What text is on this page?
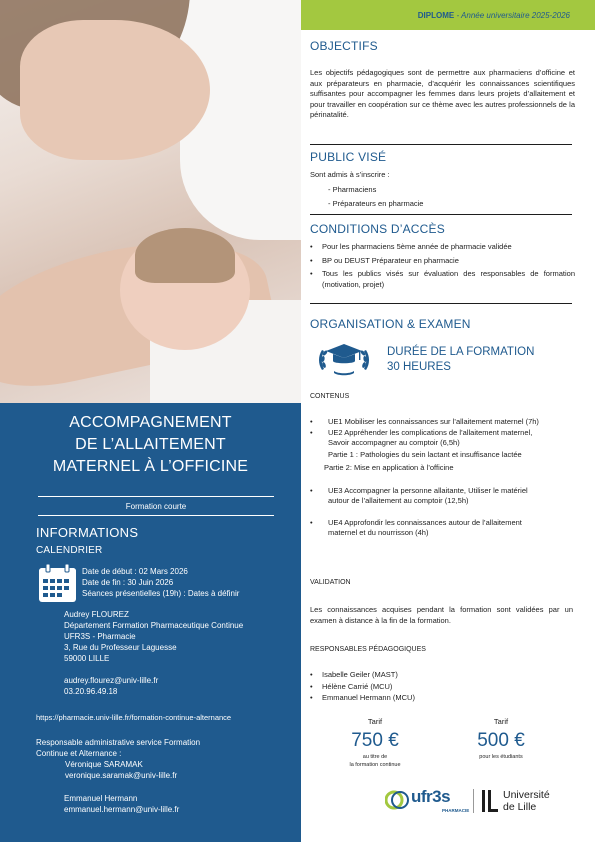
ACCOMPAGNEMENT
DE L’ALLAITEMENT
MATERNEL À L’OFFICINE
Formation courte
INFORMATIONS
CALENDRIER
Date de début : 02 Mars 2026
Date de fin : 30 Juin 2026
Séances présentielles (19h) : Dates à définir
Audrey FLOUREZ
Département Formation Pharmaceutique Continue
UFR3S - Pharmacie
3, Rue du Professeur Laguesse
59000 LILLE
audrey.flourez@univ-lille.fr
03.20.96.49.18
https://pharmacie.univ-lille.fr/formation-continue-alternance
Responsable administrative service Formation
Continue et Alternance :
Véronique SARAMAK
veronique.saramak@univ-lille.fr
Emmanuel Hermann
emmanuel.hermann@univ-lille.fr
DIPLOME - Année universitaire 2025-2026
OBJECTIFS
Les objectifs pédagogiques sont de permettre aux pharmaciens d’officine et aux préparateurs en pharmacie, d’acquérir les connaissances scientifiques suffisantes pour accompagner les femmes dans leurs projets d’allaitement et pour travailler en coopération sur ce thème avec les autres professionnels de la périnatalité.
PUBLIC VISÉ
Sont admis à s’inscrire :
- Pharmaciens
- Préparateurs en pharmacie
CONDITIONS D’ACCÈS
• Pour les pharmaciens 5ème année de pharmacie validée
• BP ou DEUST Préparateur en pharmacie
• Tous les publics visés sur évaluation des responsables de formation (motivation, projet)
ORGANISATION & EXAMEN
DURÉE DE LA FORMATION
30 HEURES
CONTENUS
• UE1 Mobiliser les connaissances sur l’allaitement maternel (7h)
• UE2 Appréhender les complications de l’allaitement maternel, Savoir accompagner au comptoir (6,5h)
Partie 1 : Pathologies du sein lactant et insuffisance lactée
Partie 2: Mise en application à l’officine
• UE3 Accompagner la personne allaitante, Utiliser le matériel autour de l’allaitement au comptoir (12,5h)
• UE4 Approfondir les connaissances autour de l’allaitement maternel et du nourrisson (4h)
VALIDATION
Les connaissances acquises pendant la formation sont validées par un examen à distance à la fin de la formation.
RESPONSABLES PÉDAGOGIQUES
• Isabelle Geiler (MAST)
• Hélène Carrié (MCU)
• Emmanuel Hermann (MCU)
Tarif
750 €
au titre de
la formation continue
Tarif
500 €
pour les étudiants
ufr3s
PHARMACIE
Université
de Lille
